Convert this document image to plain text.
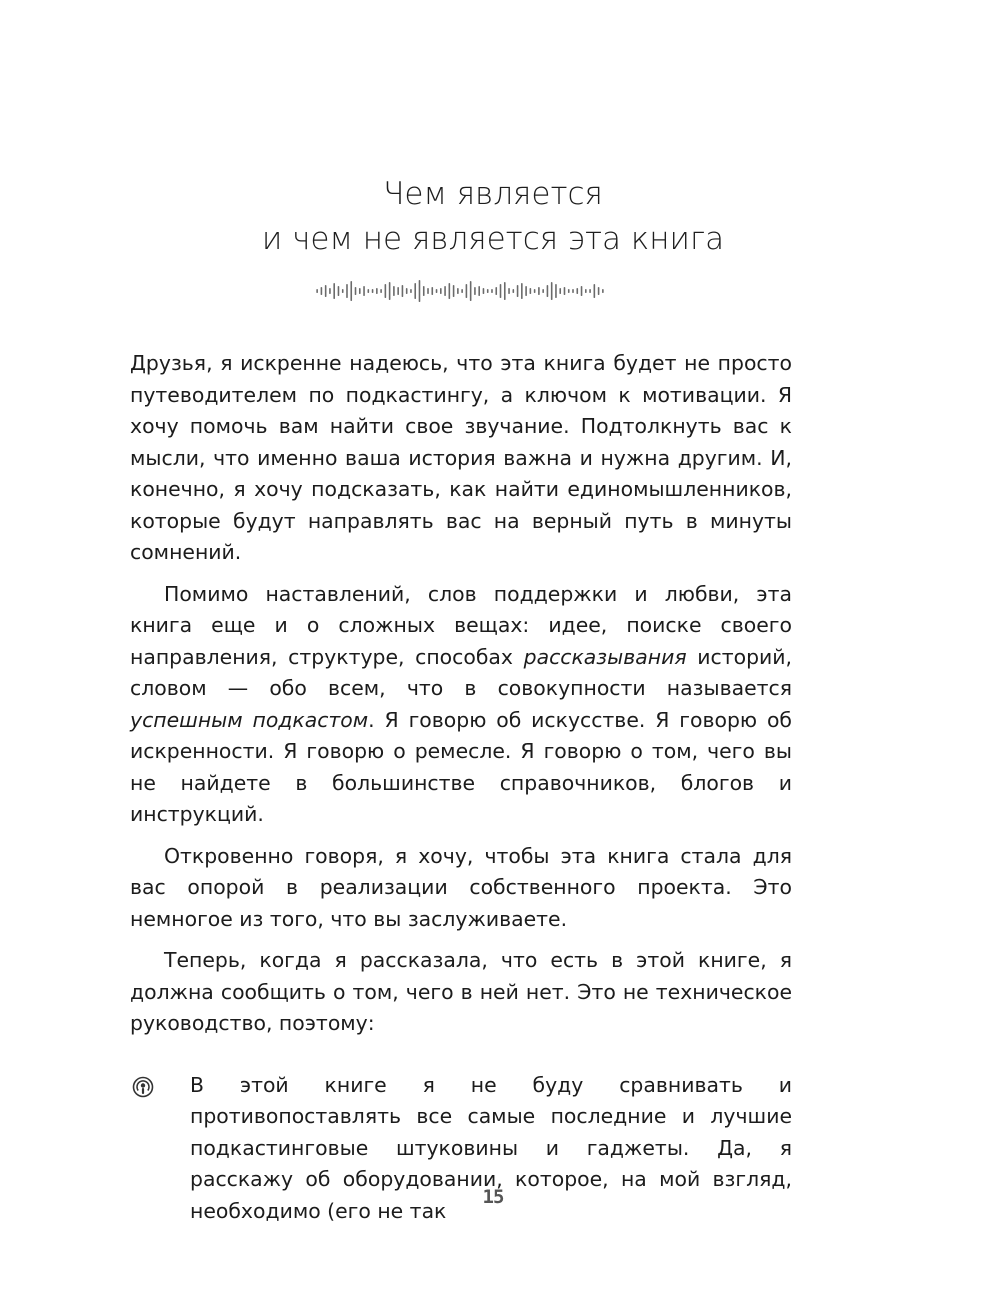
Чем является
и чем не является эта книга

Друзья, я искренне надеюсь, что эта книга будет не просто путеводителем по подкастингу, а ключом к мотивации. Я хочу помочь вам найти свое звучание. Подтолкнуть вас к мысли, что именно ваша история важна и нужна другим. И, конечно, я хочу подсказать, как найти единомышленников, которые будут направлять вас на верный путь в минуты сомнений.

Помимо наставлений, слов поддержки и любви, эта книга еще и о сложных вещах: идее, поиске своего направления, структуре, способах рассказывания историй, словом — обо всем, что в совокупности называется успешным подкастом. Я говорю об искусстве. Я говорю об искренности. Я говорю о ремесле. Я говорю о том, чего вы не найдете в большинстве справочников, блогов и инструкций.

Откровенно говоря, я хочу, чтобы эта книга стала для вас опорой в реализации собственного проекта. Это немногое из того, что вы заслуживаете.

Теперь, когда я рассказала, что есть в этой книге, я должна сообщить о том, чего в ней нет. Это не техническое руководство, поэтому:

В этой книге я не буду сравнивать и противопоставлять все самые последние и лучшие подкастинговые штуковины и гаджеты. Да, я расскажу об оборудовании, которое, на мой взгляд, необходимо (его не так
15
